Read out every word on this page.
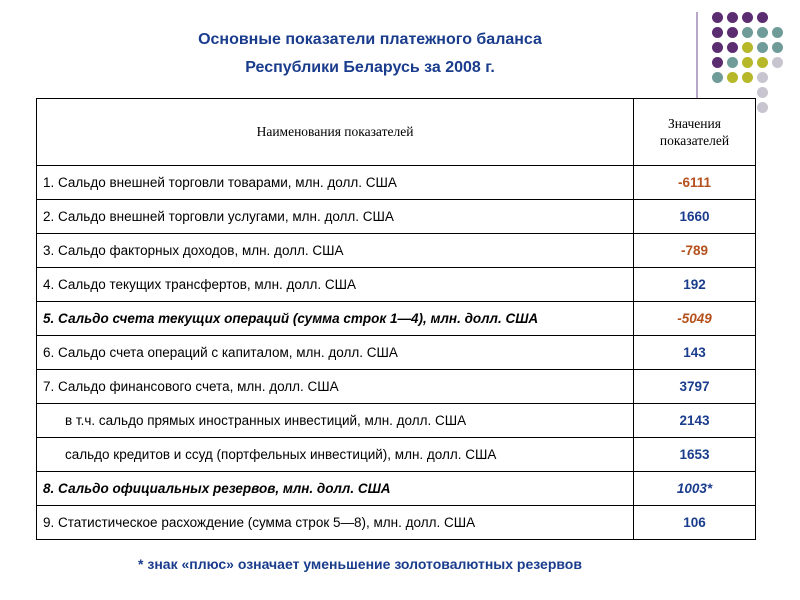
Основные показатели платежного баланса
Республики Беларусь за 2008 г.
Наименования показателей	Значения
показателей

1. Сальдо внешней торговли товарами, млн. долл. США	-6111
2. Сальдо внешней торговли услугами, млн. долл. США	1660
3. Сальдо факторных доходов, млн. долл. США	-789
4. Сальдо текущих трансфертов, млн. долл. США	192
5. Сальдо счета текущих операций (сумма строк 1—4), млн. долл. США	-5049
6. Сальдо счета операций с капиталом, млн. долл. США	143
7. Сальдо финансового счета, млн. долл. США	3797
в т.ч. сальдо прямых иностранных инвестиций, млн. долл. США	2143
сальдо кредитов и ссуд (портфельных инвестиций), млн. долл. США	1653
8. Сальдо официальных резервов, млн. долл. США	1003*
9. Статистическое расхождение (сумма строк 5—8), млн. долл. США	106
* знак «плюс» означает уменьшение золотовалютных резервов
